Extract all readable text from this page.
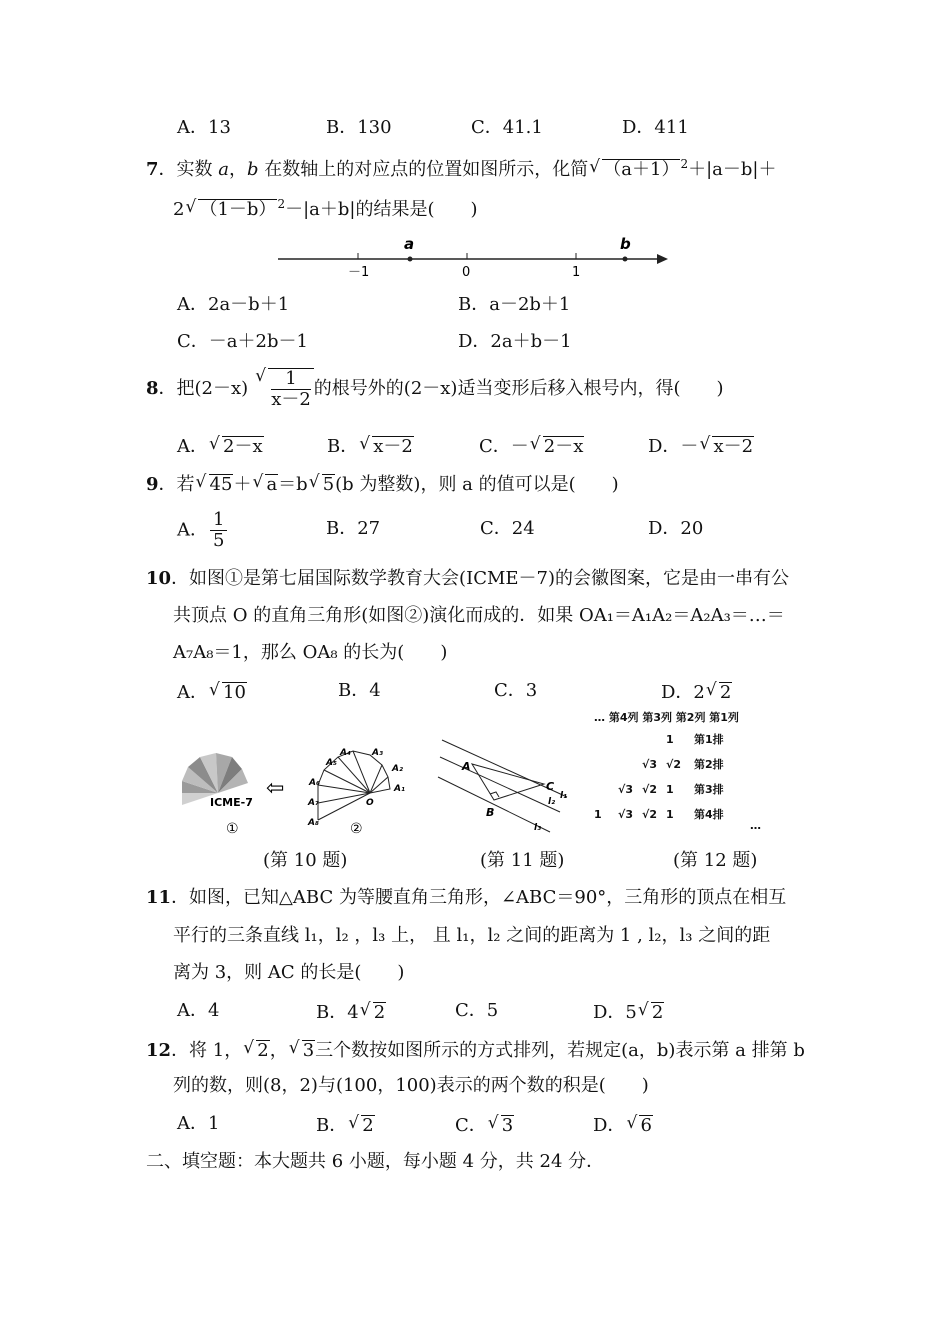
A．13	B．130	C．41.1	D．411
7．实数 a，b 在数轴上的对应点的位置如图所示，化简 √ $(a+1)^2+|a-b|+$
2 √ $(1-b)^2-|a+b|$的结果是(　　)
a	b
－1	0	1
A．2a－b＋1	B．a－2b＋1
C．－a＋2b－1	D．2a＋b－1
8．把(2－x) √ $\frac{1}{x-2}$ 的根号外的(2－x)适当变形后移入根号内，得(　　)
A． √ 2－x	B． √ x－2	C．－ √ 2－x	D．－ √ x－2
9．若 √ 45＋ √ a＝b √ 5(b 为整数)，则 a 的值可以是(　　)
A． $\frac{1}{5}$	B．27	C．24	D．20
10．如图①是第七届国际数学教育大会(ICME－7)的会徽图案，它是由一串有公
共顶点 O 的直角三角形(如图②)演化而成的．如果 OA₁＝A₁A₂＝A₂A₃＝…＝
A₇A₈＝1，那么 OA₈ 的长为(　　)
A． √ 10	B．4	C．3	D．2 √ 2
ICME-7
⇦
①	A₈
A₇
A₆
A₅
A₄ A₃
A₂
A₁
O
②
A
B
C
l₁
l₂
l₃
… 第4列 第3列 第2列 第1列
1	第1排
√3 √2	第2排
√3 √2 1	第3排
1	√3 √2 1	第4排
…
(第 10 题)	(第 11 题)	(第 12 题)
11．如图，已知△ABC 为等腰直角三角形，∠ABC＝90°，三角形的顶点在相互
平行的三条直线 l₁，l₂ ，l₃ 上， 且 l₁，l₂ 之间的距离为 1 , l₂，l₃ 之间的距
离为 3，则 AC 的长是(　　)
A．4	B．4 √ 2	C．5	D．5 √ 2
12．将 1， √ 2， √ 3三个数按如图所示的方式排列，若规定(a，b)表示第 a 排第 b
列的数，则(8，2)与(100，100)表示的两个数的积是(　　)
A．1	B． √ 2	C． √ 3	D． √ 6
二、填空题：本大题共 6 小题，每小题 4 分，共 24 分．
